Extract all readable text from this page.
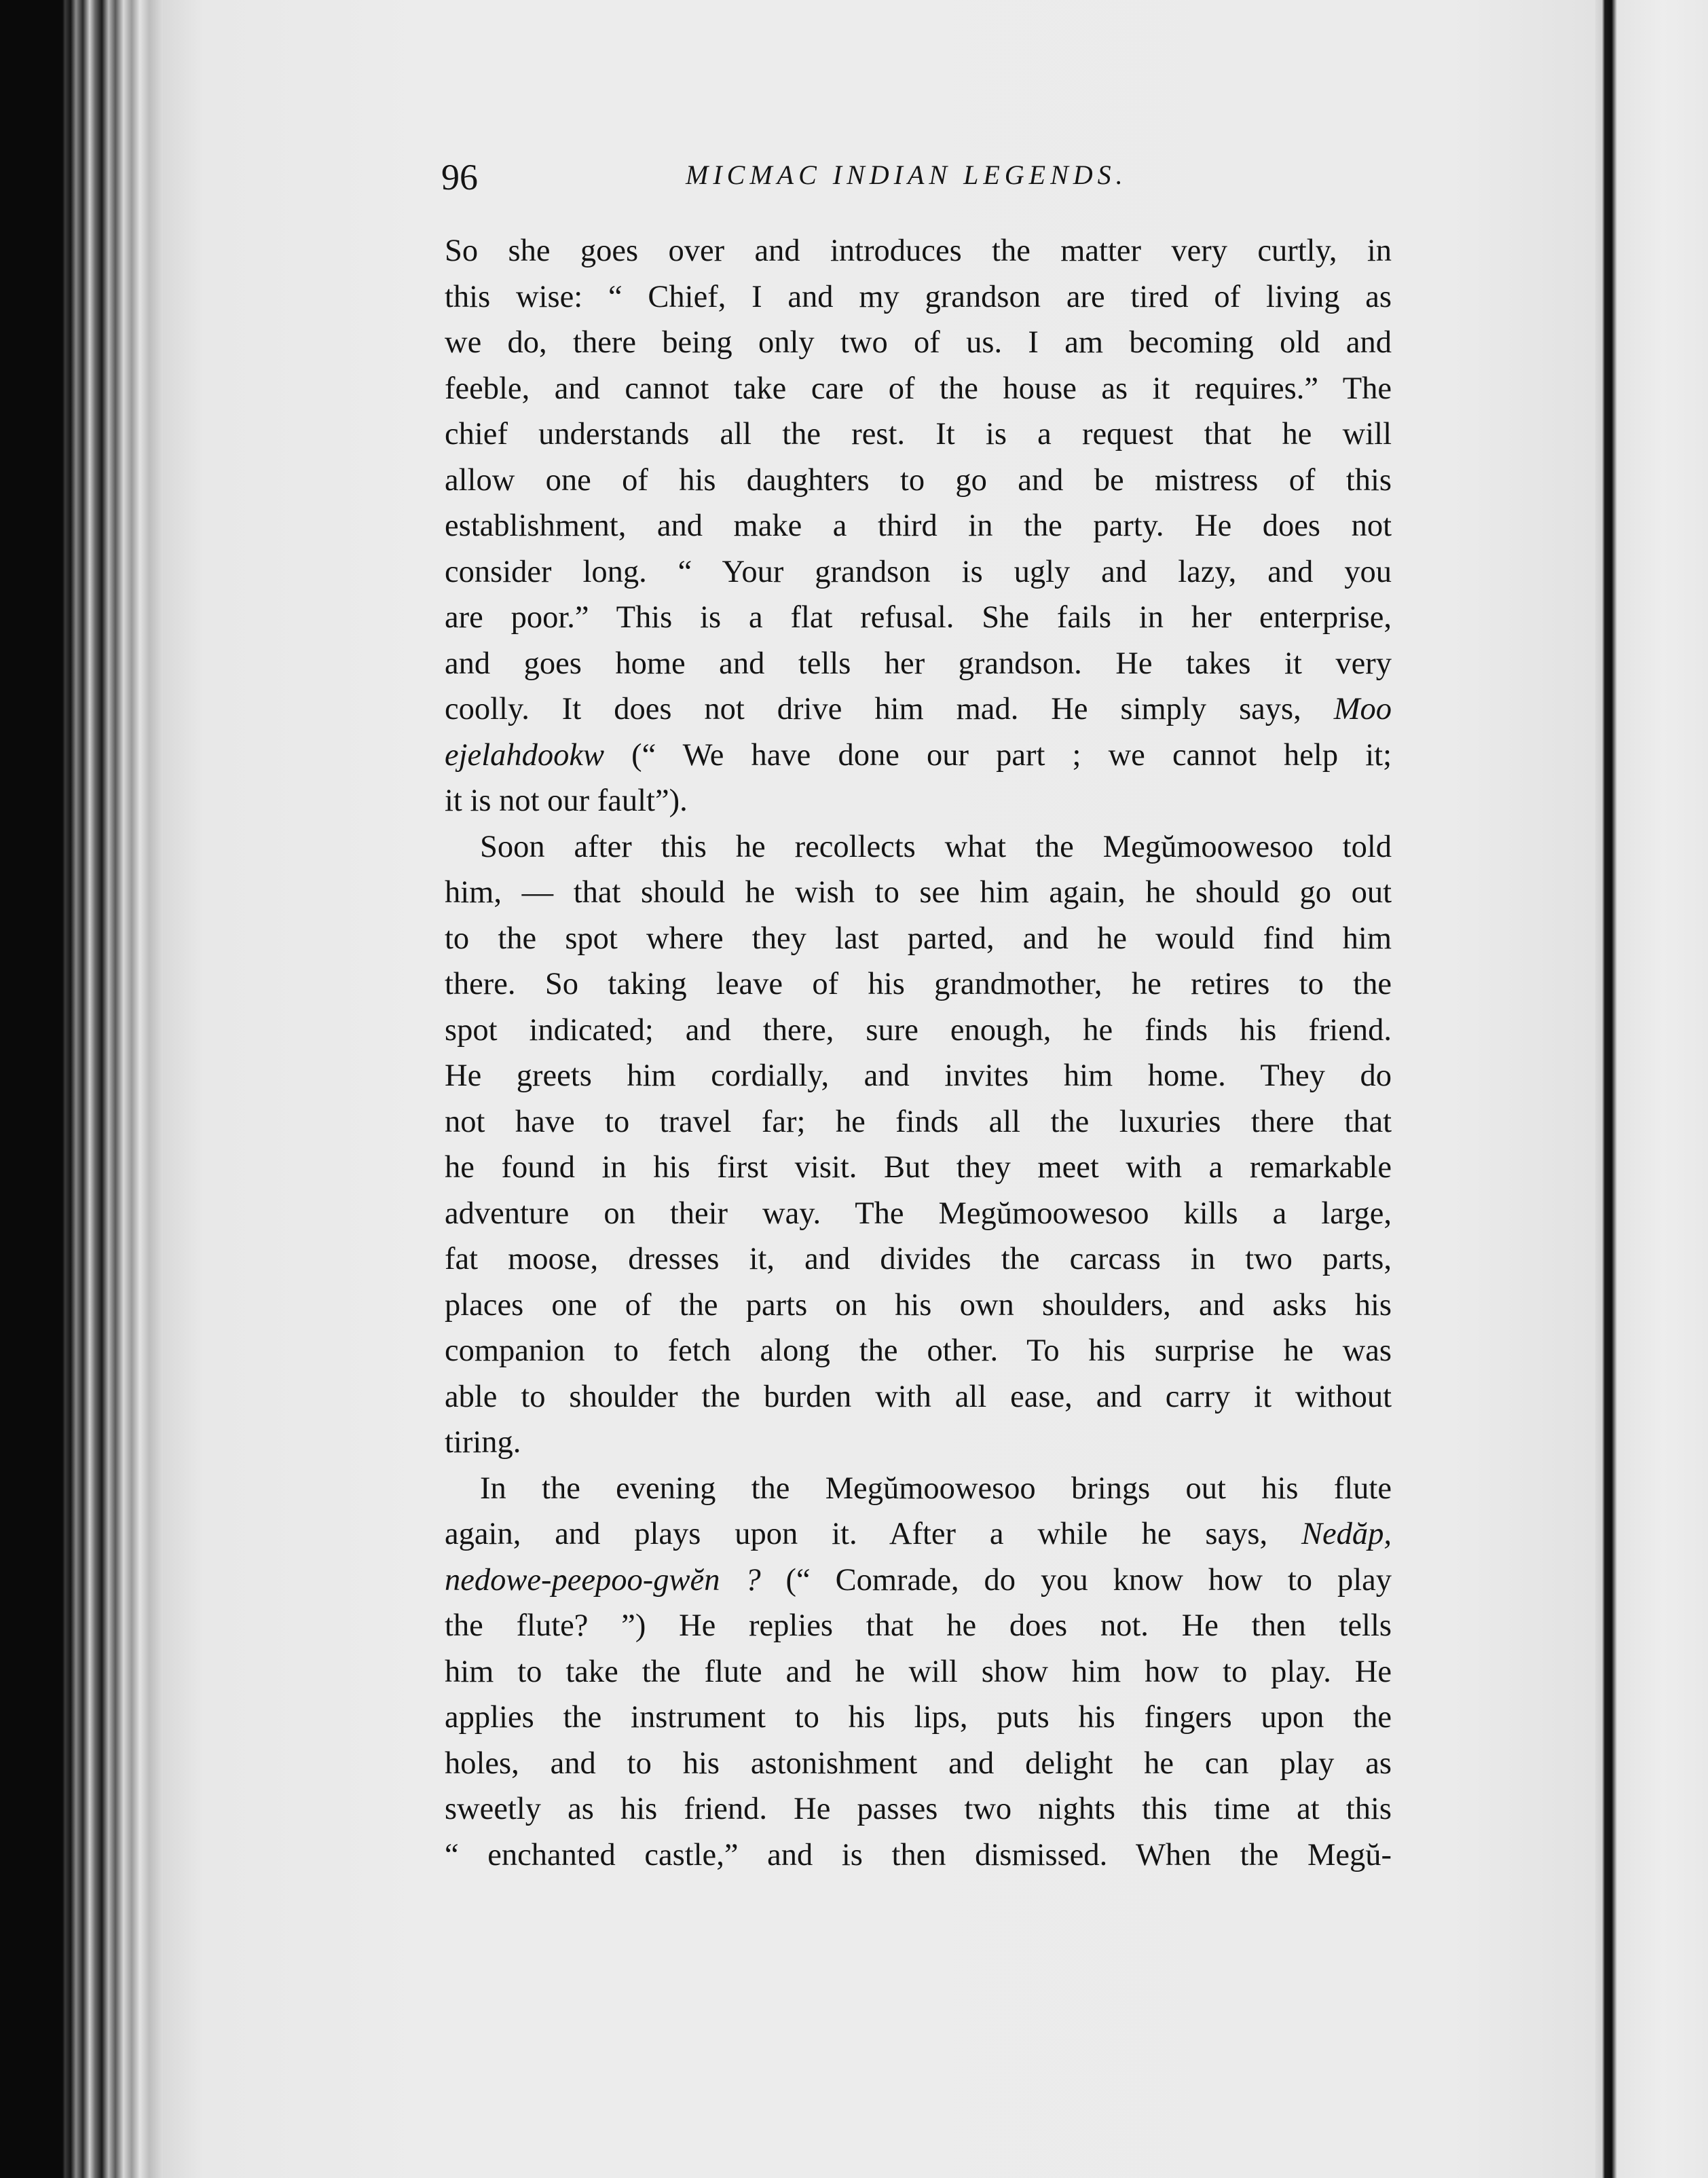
96	MICMAC INDIAN LEGENDS.
So she goes over and introduces the matter very curtly, in
this wise: “ Chief, I and my grandson are tired of living as
we do, there being only two of us. I am becoming old and
feeble, and cannot take care of the house as it requires.” The
chief understands all the rest. It is a request that he will
allow one of his daughters to go and be mistress of this
establishment, and make a third in the party. He does not
consider long. “ Your grandson is ugly and lazy, and you
are poor.” This is a flat refusal. She fails in her enterprise,
and goes home and tells her grandson. He takes it very
coolly. It does not drive him mad. He simply says, Moo
ejelahdookw (“ We have done our part ; we cannot help it;
it is not our fault”).
Soon after this he recollects what the Megŭmoowesoo told
him, — that should he wish to see him again, he should go out
to the spot where they last parted, and he would find him
there. So taking leave of his grandmother, he retires to the
spot indicated; and there, sure enough, he finds his friend.
He greets him cordially, and invites him home. They do
not have to travel far; he finds all the luxuries there that
he found in his first visit. But they meet with a remarkable
adventure on their way. The Megŭmoowesoo kills a large,
fat moose, dresses it, and divides the carcass in two parts,
places one of the parts on his own shoulders, and asks his
companion to fetch along the other. To his surprise he was
able to shoulder the burden with all ease, and carry it without
tiring.
In the evening the Megŭmoowesoo brings out his flute
again, and plays upon it. After a while he says, Nedăp,
nedowe-peepoo-gwĕn ? (“ Comrade, do you know how to play
the flute? ”) He replies that he does not. He then tells
him to take the flute and he will show him how to play. He
applies the instrument to his lips, puts his fingers upon the
holes, and to his astonishment and delight he can play as
sweetly as his friend. He passes two nights this time at this
“ enchanted castle,” and is then dismissed. When the Megŭ-
